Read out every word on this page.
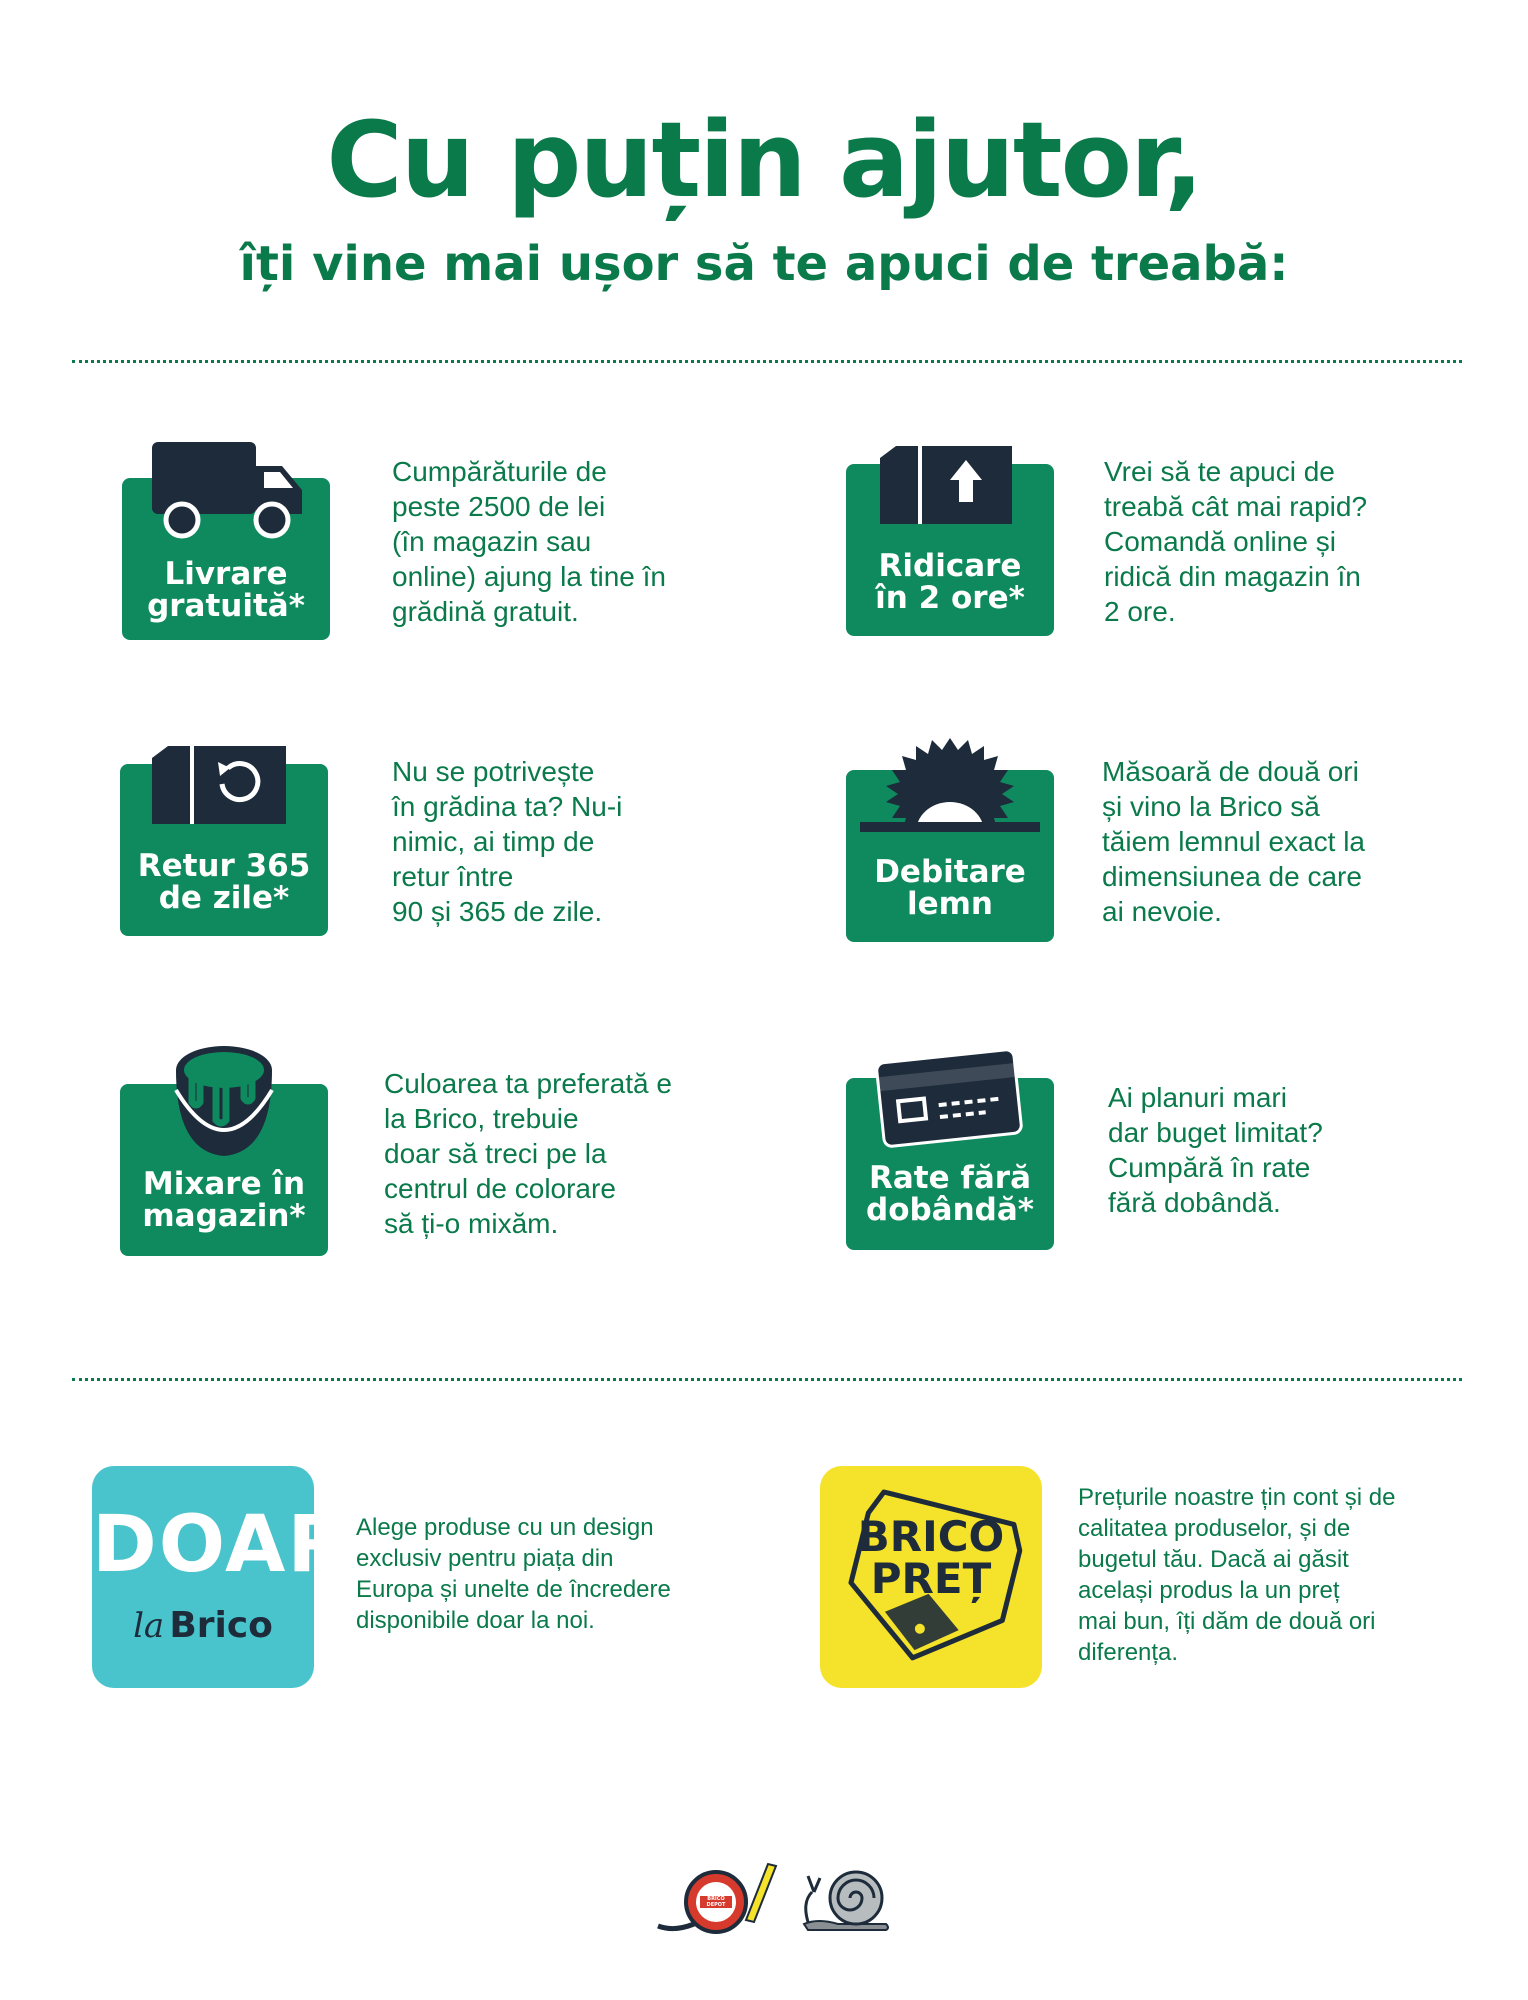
Cu puțin ajutor,
îți vine mai ușor să te apuci de treabă:
Livrare
gratuită*
Cumpărăturile de
peste 2500 de lei
(în magazin sau
online) ajung la tine în
grădină gratuit.
Ridicare
în 2 ore*
Vrei să te apuci de
treabă cât mai rapid?
Comandă online și
ridică din magazin în
2 ore.
Retur 365
de zile*
Nu se potrivește
în grădina ta? Nu-i
nimic, ai timp de
retur între
90 și 365 de zile.
Debitare
lemn
Măsoară de două ori
și vino la Brico să
tăiem lemnul exact la
dimensiunea de care
ai nevoie.
Mixare în
magazin*
Culoarea ta preferată e
la Brico, trebuie
doar să treci pe la
centrul de colorare
să ți-o mixăm.
Rate fără
dobândă*
Ai planuri mari
dar buget limitat?
Cumpără în rate
fără dobândă.
DOAR
la Brico
Alege produse cu un design
exclusiv pentru piața din
Europa și unelte de încredere
disponibile doar la noi.
BRICO
PREȚ
Prețurile noastre țin cont și de
calitatea produselor, și de
bugetul tău. Dacă ai găsit
același produs la un preț
mai bun, îți dăm de două ori
diferența.
BRICO DEPOT
